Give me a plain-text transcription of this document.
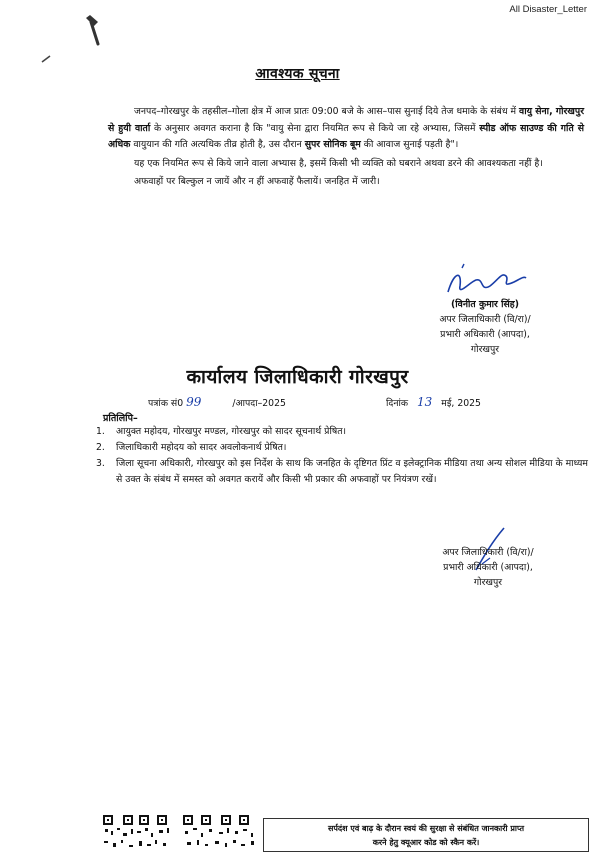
All Disaster_Letter
आवश्यक सूचना

जनपद–गोरखपुर के तहसील–गोला क्षेत्र में आज प्रातः 09:00 बजे के आस–पास सुनाई दिये तेज धमाके के संबंध में वायु सेना, गोरखपुर से हुयी वार्ता के अनुसार अवगत कराना है कि "वायु सेना द्वारा नियमित रूप से किये जा रहे अभ्यास, जिसमें स्पीड ऑफ साउण्ड की गति से अधिक वायुयान की गति अत्यधिक तीव्र होती है, उस दौरान सुपर सोनिक बूम की आवाज सुनाई पड़ती है"।

यह एक नियमित रूप से किये जाने वाला अभ्यास है, इसमें किसी भी व्यक्ति को घबराने अथवा डरने की आवश्यकता नहीं है।

अफवाहों पर बिल्कुल न जायें और न हीं अफवाहें फैलायें। जनहित में जारी।

(विनीत कुमार सिंह)
अपर जिलाधिकारी (वि/रा)/
प्रभारी अधिकारी (आपदा),
गोरखपुर
कार्यालय जिलाधिकारी गोरखपुर
पत्रांक सं0 99	/आपदा–2025	दिनांक 13 मई, 2025
प्रतिलिपि–
1.	आयुक्त महोदय, गोरखपुर मण्डल, गोरखपुर को सादर सूचनार्थ प्रेषित।
2.	जिलाधिकारी महोदय को सादर अवलोकनार्थ प्रेषित।
3.	जिला सूचना अधिकारी, गोरखपुर को इस निर्देश के साथ कि जनहित के दृष्टिगत प्रिंट व इलेक्ट्रानिक मीडिया तथा अन्य सोशल मीडिया के माध्यम से उक्त के संबंध में समस्त को अवगत करायें और किसी भी प्रकार की अफवाहों पर नियंत्रण रखें।
अपर जिलाधिकारी (वि/रा)/
प्रभारी अधिकारी (आपदा),
गोरखपुर
सर्पदंश एवं बाढ़ के दौरान स्वयं की सुरक्षा से संबंधित जानकारी प्राप्त
करने हेतु क्यूआर कोड को स्कैन करें।
